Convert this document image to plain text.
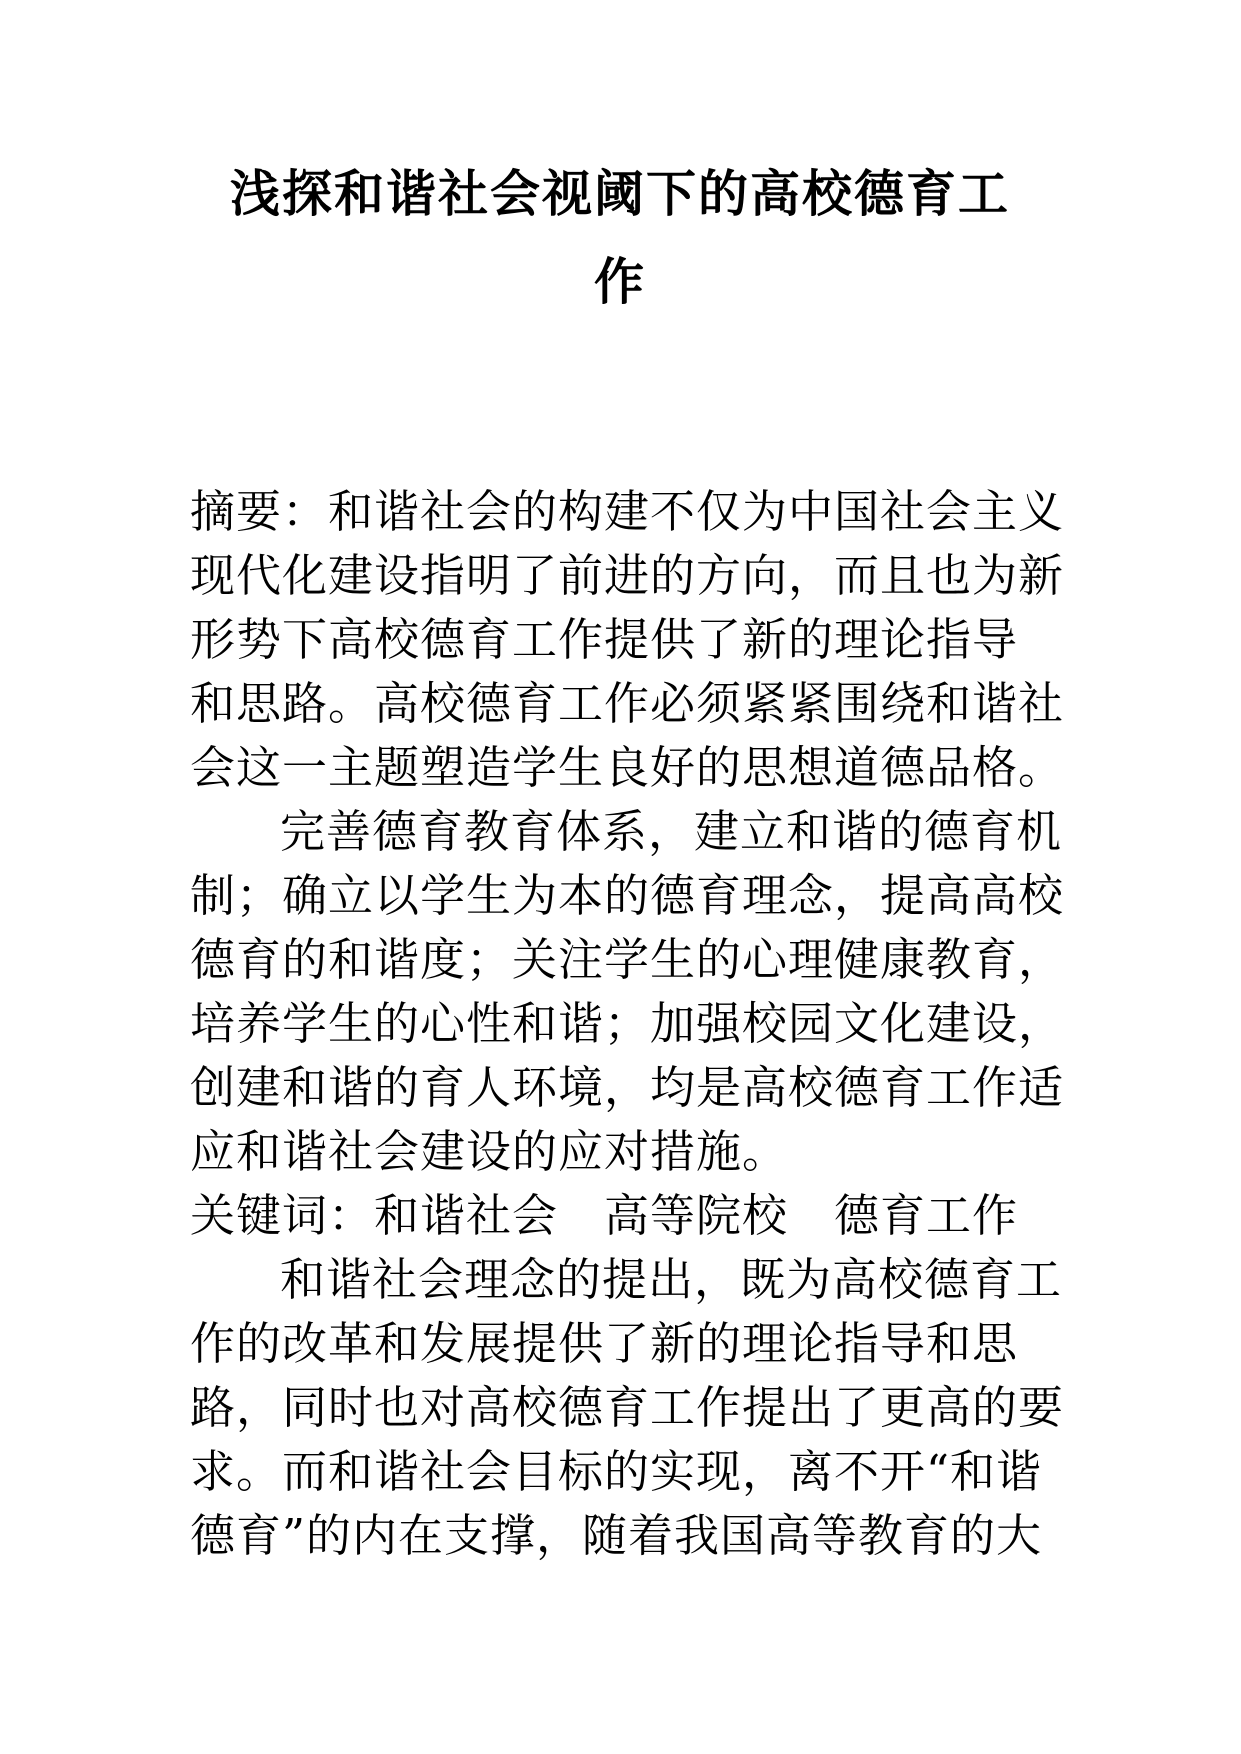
浅探和谐社会视阈下的高校德育工
作
摘要：和谐社会的构建不仅为中国社会主义
现代化建设指明了前进的方向，而且也为新
形势下高校德育工作提供了新的理论指导
和思路。高校德育工作必须紧紧围绕和谐社
会这一主题塑造学生良好的思想道德品格。
完善德育教育体系，建立和谐的德育机
制；确立以学生为本的德育理念，提高高校
德育的和谐度；关注学生的心理健康教育，
培养学生的心性和谐；加强校园文化建设，
创建和谐的育人环境，均是高校德育工作适
应和谐社会建设的应对措施。
关键词：和谐社会 高等院校 德育工作
和谐社会理念的提出，既为高校德育工
作的改革和发展提供了新的理论指导和思
路，同时也对高校德育工作提出了更高的要
求。而和谐社会目标的实现，离不开“和谐
德育”的内在支撑，随着我国高等教育的大
